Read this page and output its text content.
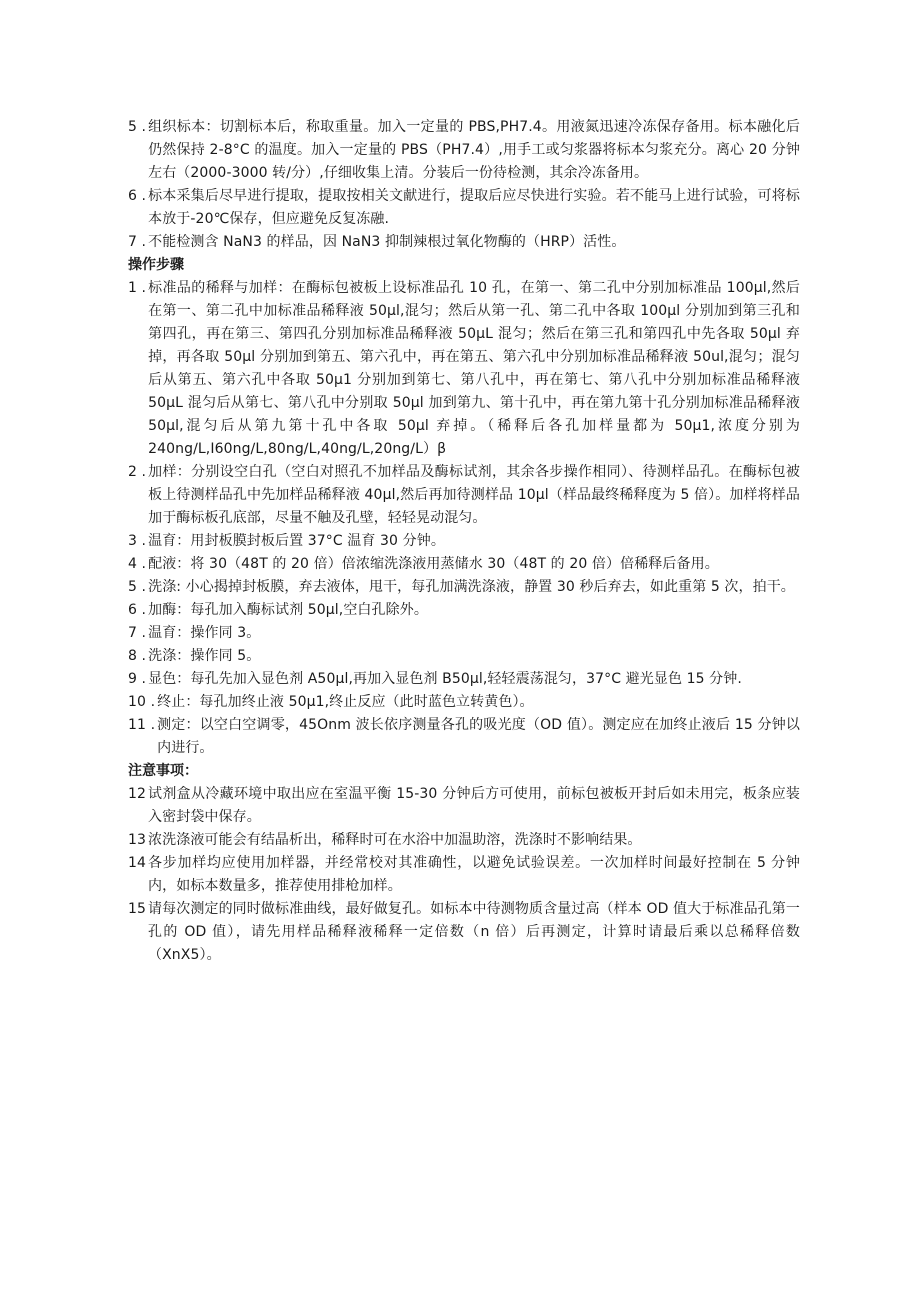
5 . 组织标本：切割标本后，称取重量。加入一定量的 PBS,PH7.4。用液氮迅速冷冻保存备用。标本融化后仍然保持 2-8°C 的温度。加入一定量的 PBS（PH7.4）,用手工或匀浆器将标本匀浆充分。离心 20 分钟左右（2000-3000 转/分）,仔细收集上清。分装后一份待检测，其余冷冻备用。
6 . 标本采集后尽早进行提取，提取按相关文献进行，提取后应尽快进行实验。若不能马上进行试验，可将标本放于-20℃保存，但应避免反复冻融.
7 . 不能检测含 NaN3 的样品，因 NaN3 抑制辣根过氧化物酶的（HRP）活性。

操作步骤

1 . 标准品的稀释与加样：在酶标包被板上设标准品孔 10 孔，在第一、第二孔中分别加标准品 100μl,然后在第一、第二孔中加标准品稀释液 50μl,混匀；然后从第一孔、第二孔中各取 100μl 分别加到第三孔和第四孔，再在第三、第四孔分别加标准品稀释液 50μL 混匀；然后在第三孔和第四孔中先各取 50μl 弃掉，再各取 50μl 分别加到第五、第六孔中，再在第五、第六孔中分别加标准品稀释液 50ul,混匀；混匀后从第五、第六孔中各取 50μ1 分别加到第七、第八孔中，再在第七、第八孔中分别加标准品稀释液 50μL 混匀后从第七、第八孔中分别取 50μl 加到第九、第十孔中，再在第九第十孔分别加标准品稀释液 50μl,混匀后从第九第十孔中各取 50μl 弃掉。（稀释后各孔加样量都为 50μ1,浓度分别为 240ng∕L,I60ng∕L,80ng∕L,40ng∕L,20ng∕L）β
2 . 加样：分别设空白孔（空白对照孔不加样品及酶标试剂，其余各步操作相同）、待测样品孔。在酶标包被板上待测样品孔中先加样品稀释液 40μl,然后再加待测样品 10μl（样品最终稀释度为 5 倍）。加样将样品加于酶标板孔底部，尽量不触及孔壁，轻轻晃动混匀。
3 . 温育：用封板膜封板后置 37°C 温育 30 分钟。
4 . 配液：将 30（48T 的 20 倍）倍浓缩洗涤液用蒸储水 30（48T 的 20 倍）倍稀释后备用。
5 . 洗涤: 小心揭掉封板膜，弃去液体，甩干，每孔加满洗涤液，静置 30 秒后弃去，如此重第 5 次，拍干。
6 . 加酶：每孔加入酶标试剂 50μl,空白孔除外。
7 . 温育：操作同 3。
8 . 洗涤：操作同 5。
9 . 显色：每孔先加入显色剂 A50μl,再加入显色剂 B50μl,轻轻震荡混匀，37°C 避光显色 15 分钟.
10 . 终止：每孔加终止液 50μ1,终止反应（此时蓝色立转黄色）。
11 . 测定：以空白空调零，45Onm 波长依序测量各孔的吸光度（OD 值）。测定应在加终止液后 15 分钟以内进行。

注意事项：

12 试剂盒从冷藏环境中取出应在室温平衡 15-30 分钟后方可使用，前标包被板开封后如未用完，板条应装入密封袋中保存。
13 浓洗涤液可能会有结晶析出，稀释时可在水浴中加温助溶，洗涤时不影响结果。
14 各步加样均应使用加样器，并经常校对其准确性，以避免试验误差。一次加样时间最好控制在 5 分钟内，如标本数量多，推荐使用排枪加样。
15 请每次测定的同时做标准曲线，最好做复孔。如标本中待测物质含量过高（样本 OD 值大于标准品孔第一孔的 OD 值），请先用样品稀释液稀释一定倍数（n 倍）后再测定，计算时请最后乘以总稀释倍数（XnX5）。
